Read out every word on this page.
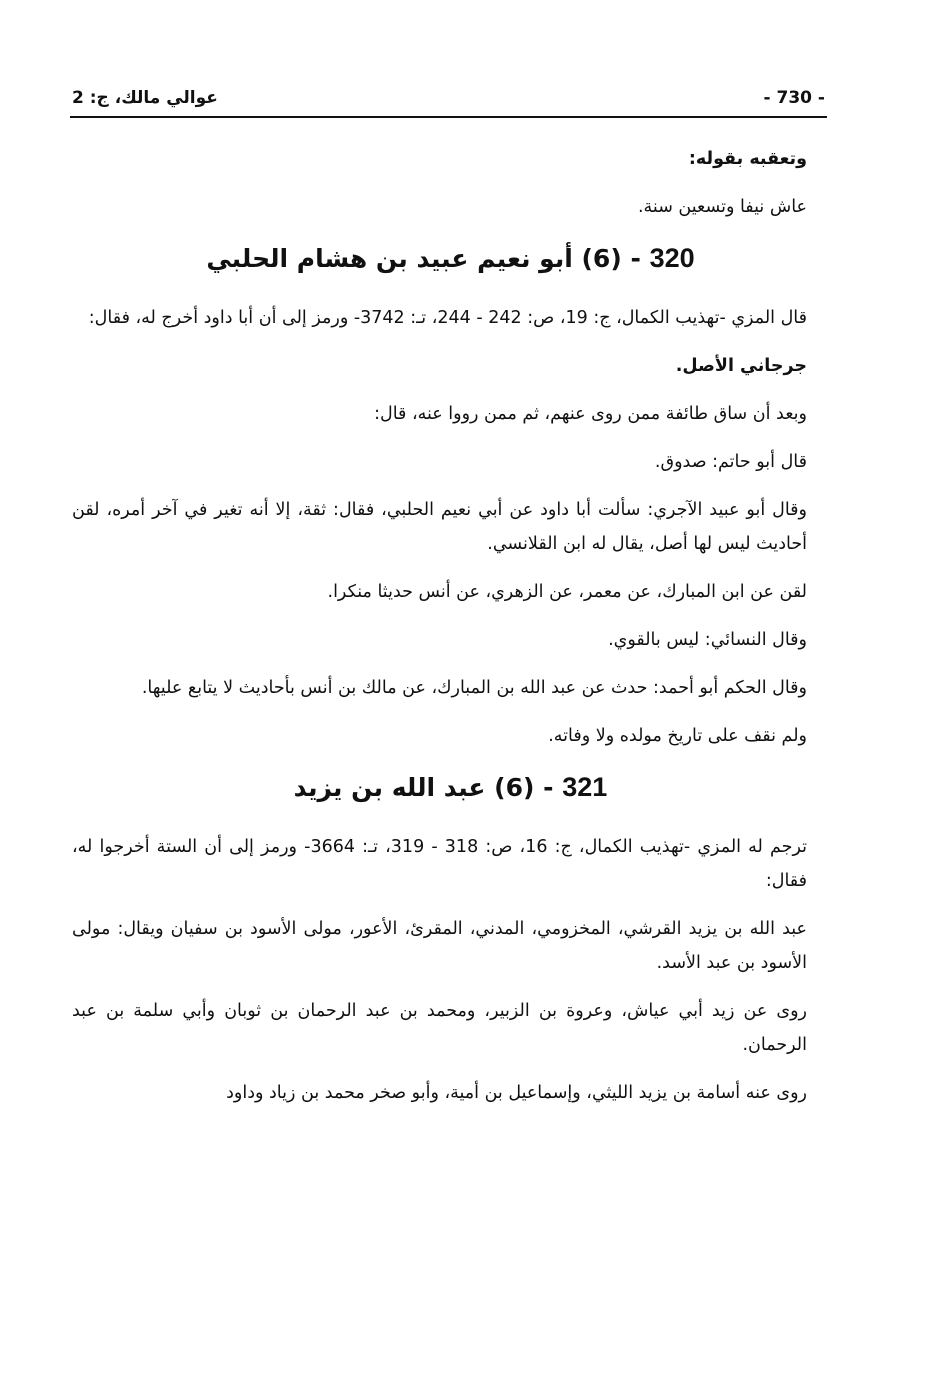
- 730 -
عوالي مالك، ج: 2

وتعقبه بقوله:

عاش نيفا وتسعين سنة.

320 - (6) أبو نعيم عبيد بن هشام الحلبي

قال المزي -تهذيب الكمال، ج: 19، ص: 242 - 244، تـ: 3742- ورمز إلى أن أبا داود أخرج له، فقال:

جرجاني الأصل.

وبعد أن ساق طائفة ممن روى عنهم، ثم ممن رووا عنه، قال:

قال أبو حاتم: صدوق.

وقال أبو عبيد الآجري: سألت أبا داود عن أبي نعيم الحلبي، فقال: ثقة، إلا أنه تغير في آخر أمره، لقن أحاديث ليس لها أصل، يقال له ابن القلانسي.

لقن عن ابن المبارك، عن معمر، عن الزهري، عن أنس حديثا منكرا.

وقال النسائي: ليس بالقوي.

وقال الحكم أبو أحمد: حدث عن عبد الله بن المبارك، عن مالك بن أنس بأحاديث لا يتابع عليها.

ولم نقف على تاريخ مولده ولا وفاته.

321 - (6) عبد الله بن يزيد

ترجم له المزي -تهذيب الكمال، ج: 16، ص: 318 - 319، تـ: 3664- ورمز إلى أن الستة أخرجوا له، فقال:

عبد الله بن يزيد القرشي، المخزومي، المدني، المقرئ، الأعور، مولى الأسود بن سفيان ويقال: مولى الأسود بن عبد الأسد.

روى عن زيد أبي عياش، وعروة بن الزبير، ومحمد بن عبد الرحمان بن ثوبان وأبي سلمة بن عبد الرحمان.

روى عنه أسامة بن يزيد الليثي، وإسماعيل بن أمية، وأبو صخر محمد بن زياد وداود
